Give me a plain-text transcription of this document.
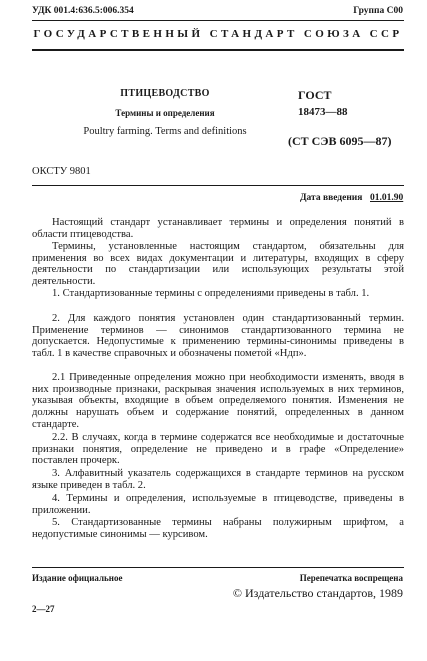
УДК 001.4:636.5:006.354	Группа С00
ГОСУДАРСТВЕННЫЙ СТАНДАРТ СОЮЗА ССР
ПТИЦЕВОДСТВО
Термины и определения
Poultry farming. Terms and definitions
ГОСТ
18473—88
(СТ СЭВ 6095—87)
ОКСТУ 9801
Дата введения 01.01.90

Настоящий стандарт устанавливает термины и определения понятий в области птицеводства.

Термины, установленные настоящим стандартом, обязательны для применения во всех видах документации и литературы, входящих в сферу деятельности по стандартизации или использующих результаты этой деятельности.

1. Стандартизованные термины с определениями приведены в табл. 1.

2. Для каждого понятия установлен один стандартизованный термин. Применение терминов — синонимов стандартизованного термина не допускается. Недопустимые к применению термины-синонимы приведены в табл. 1 в качестве справочных и обозначены пометой «Ндп».

2.1 Приведенные определения можно при необходимости изменять, вводя в них производные признаки, раскрывая значения используемых в них терминов, указывая объекты, входящие в объем определяемого понятия. Изменения не должны нарушать объем и содержание понятий, определенных в данном стандарте.

2.2. В случаях, когда в термине содержатся все необходимые и достаточные признаки понятия, определение не приведено и в графе «Определение» поставлен прочерк.

3. Алфавитный указатель содержащихся в стандарте терминов на русском языке приведен в табл. 2.

4. Термины и определения, используемые в птицеводстве, приведены в приложении.

5. Стандартизованные термины набраны полужирным шрифтом, а недопустимые синонимы — курсивом.

Издание официальное	Перепечатка воспрещена
© Издательство стандартов, 1989
2—27
